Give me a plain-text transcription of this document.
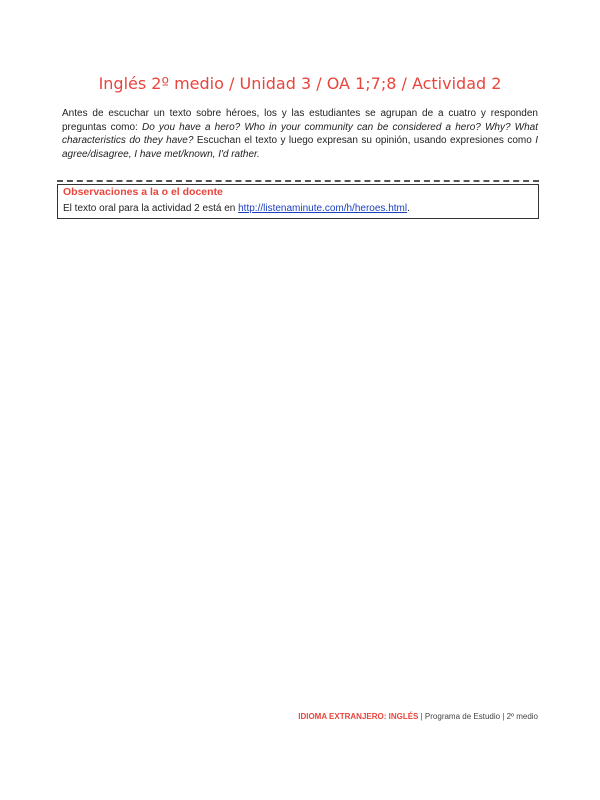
Inglés 2º medio / Unidad 3 / OA 1;7;8 / Actividad 2
Antes de escuchar un texto sobre héroes, los y las estudiantes se agrupan de a cuatro y responden preguntas como: Do you have a hero? Who in your community can be considered a hero? Why? What characteristics do they have? Escuchan el texto y luego expresan su opinión, usando expresiones como I agree/disagree, I have met/known, I'd rather.
Observaciones a la o el docente
El texto oral para la actividad 2 está en http://listenaminute.com/h/heroes.html.
IDIOMA EXTRANJERO: INGLÉS | Programa de Estudio | 2º medio
